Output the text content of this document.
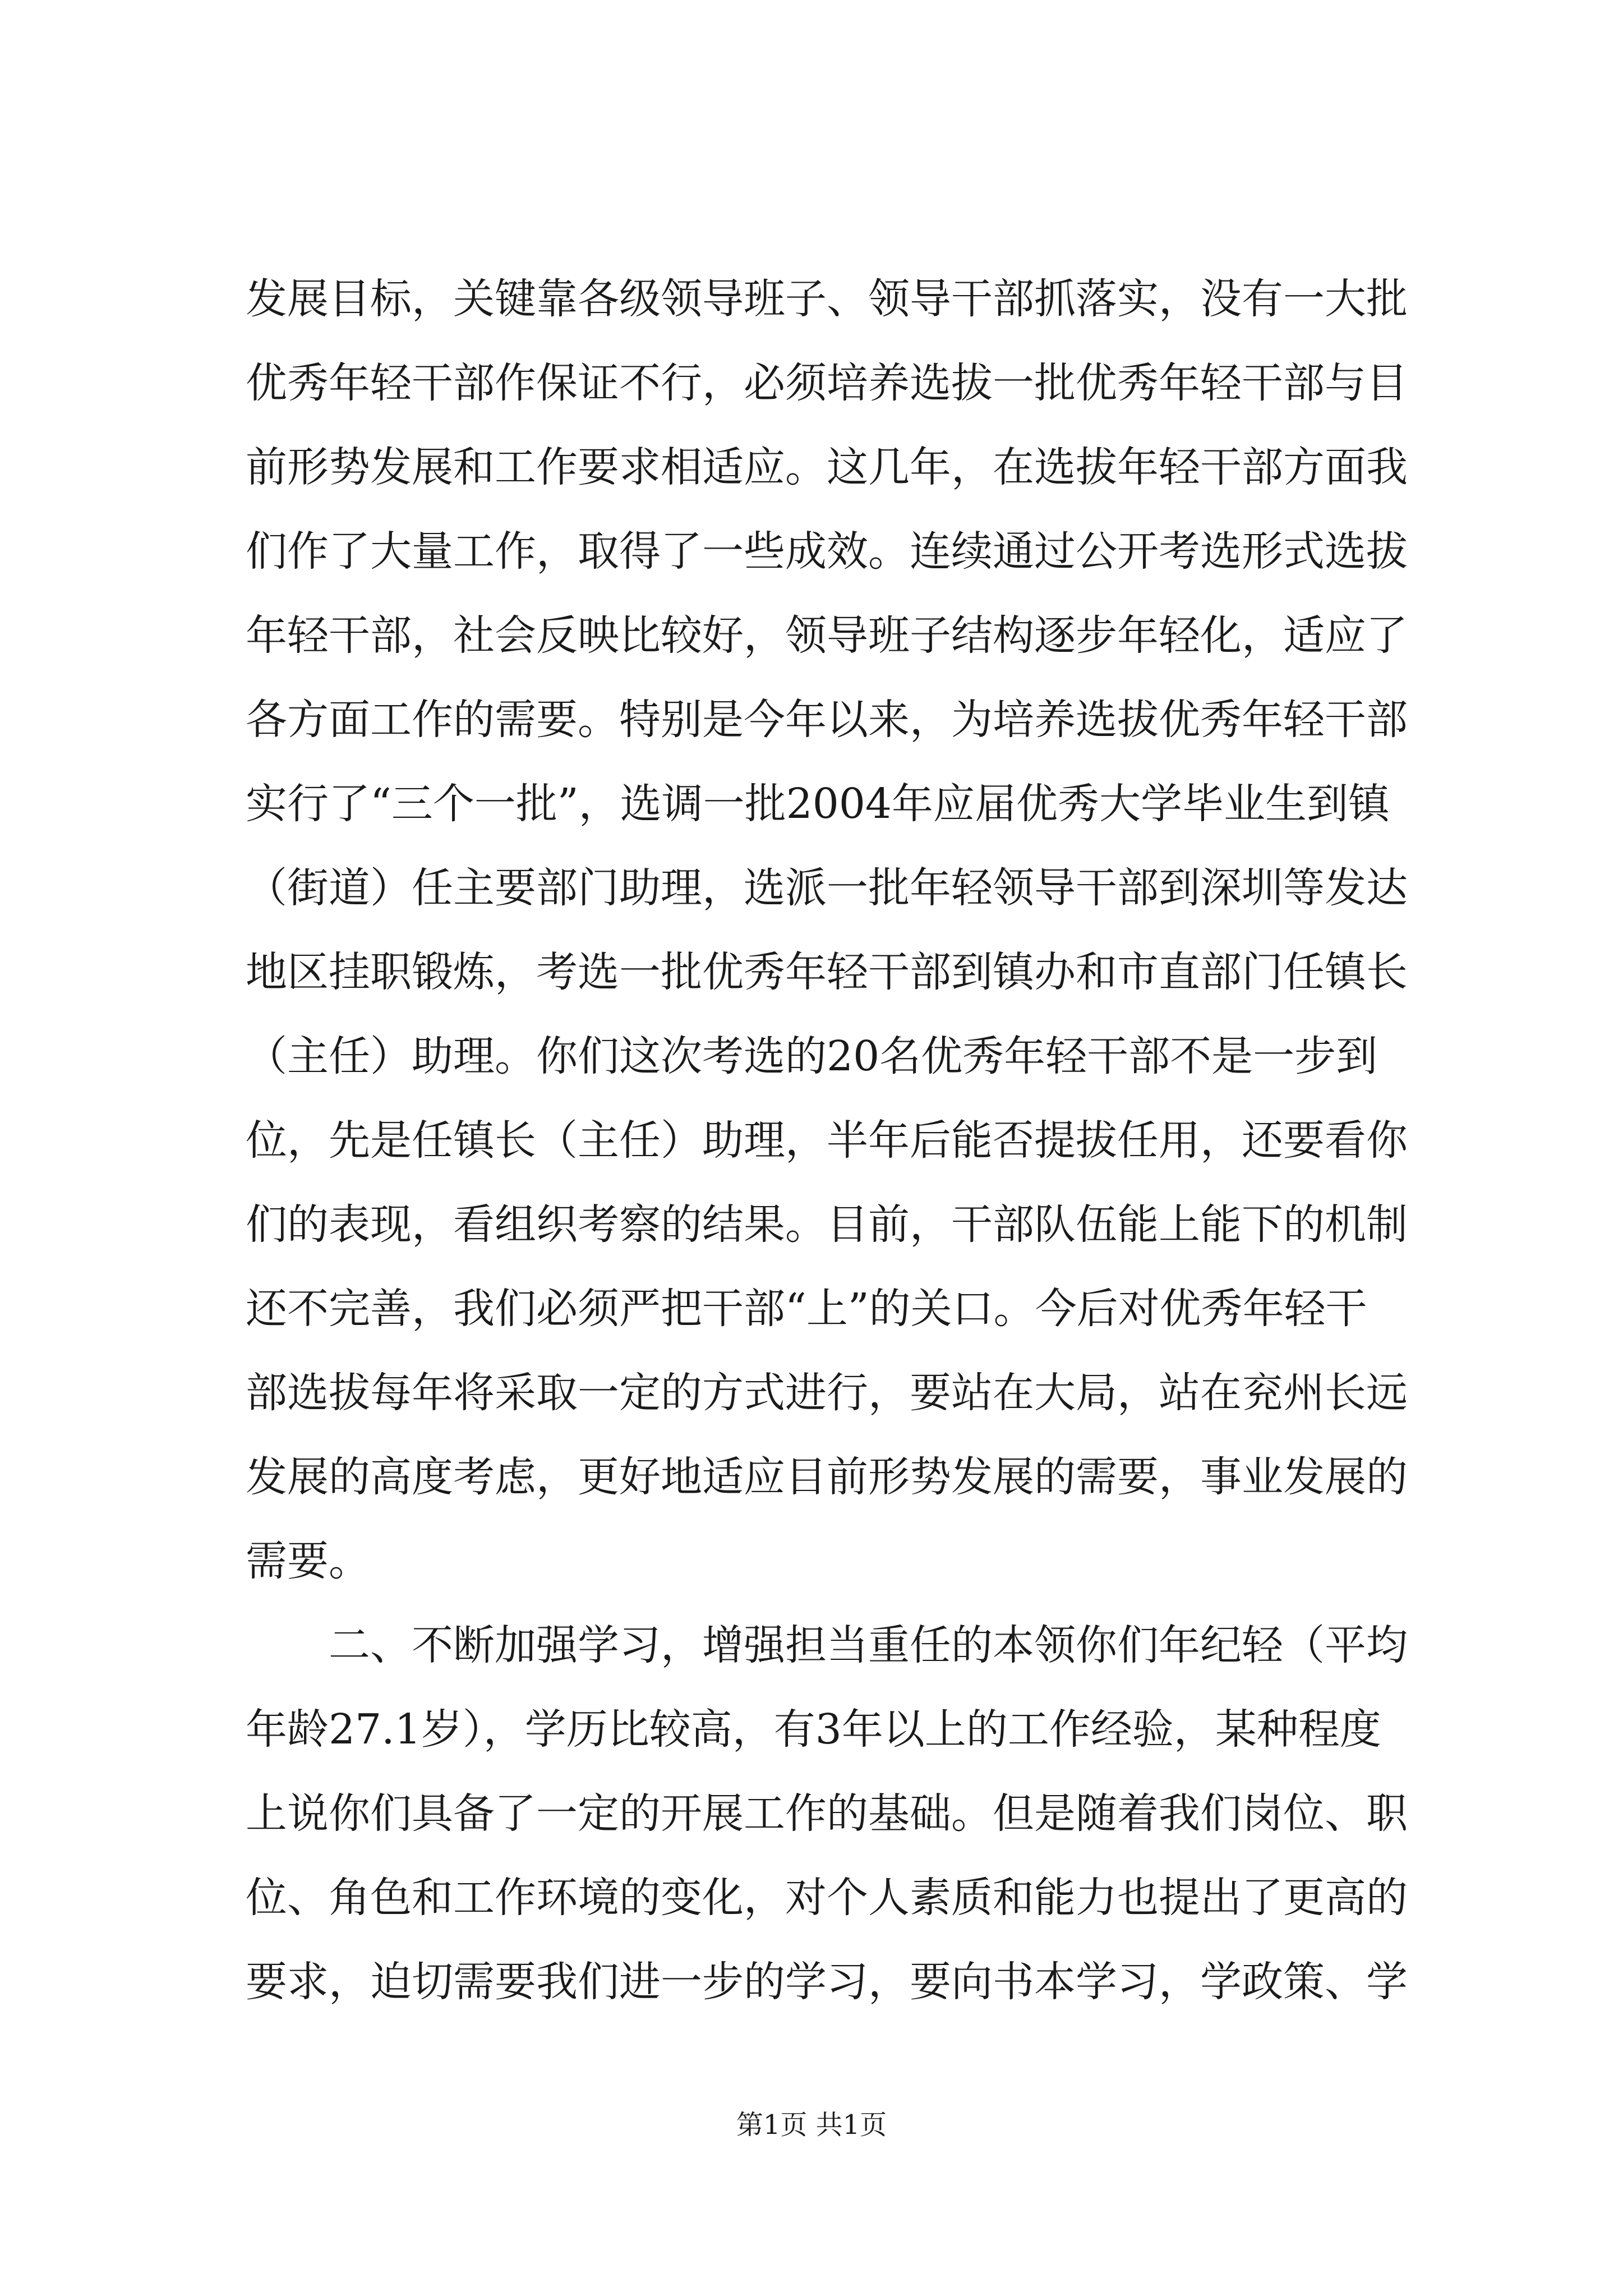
发展目标，关键靠各级领导班子、领导干部抓落实，没有一大批
优秀年轻干部作保证不行，必须培养选拔一批优秀年轻干部与目
前形势发展和工作要求相适应。这几年，在选拔年轻干部方面我
们作了大量工作，取得了一些成效。连续通过公开考选形式选拔
年轻干部，社会反映比较好，领导班子结构逐步年轻化，适应了
各方面工作的需要。特别是今年以来，为培养选拔优秀年轻干部
实行了“三个一批”，选调一批2004年应届优秀大学毕业生到镇
（街道）任主要部门助理，选派一批年轻领导干部到深圳等发达
地区挂职锻炼，考选一批优秀年轻干部到镇办和市直部门任镇长
（主任）助理。你们这次考选的20名优秀年轻干部不是一步到
位，先是任镇长（主任）助理，半年后能否提拔任用，还要看你
们的表现，看组织考察的结果。目前，干部队伍能上能下的机制
还不完善，我们必须严把干部“上”的关口。今后对优秀年轻干
部选拔每年将采取一定的方式进行，要站在大局，站在兖州长远
发展的高度考虑，更好地适应目前形势发展的需要，事业发展的
需要。
　　二、不断加强学习，增强担当重任的本领你们年纪轻（平均
年龄27.1岁），学历比较高，有3年以上的工作经验，某种程度
上说你们具备了一定的开展工作的基础。但是随着我们岗位、职
位、角色和工作环境的变化，对个人素质和能力也提出了更高的
要求，迫切需要我们进一步的学习，要向书本学习，学政策、学
第1页 共1页
